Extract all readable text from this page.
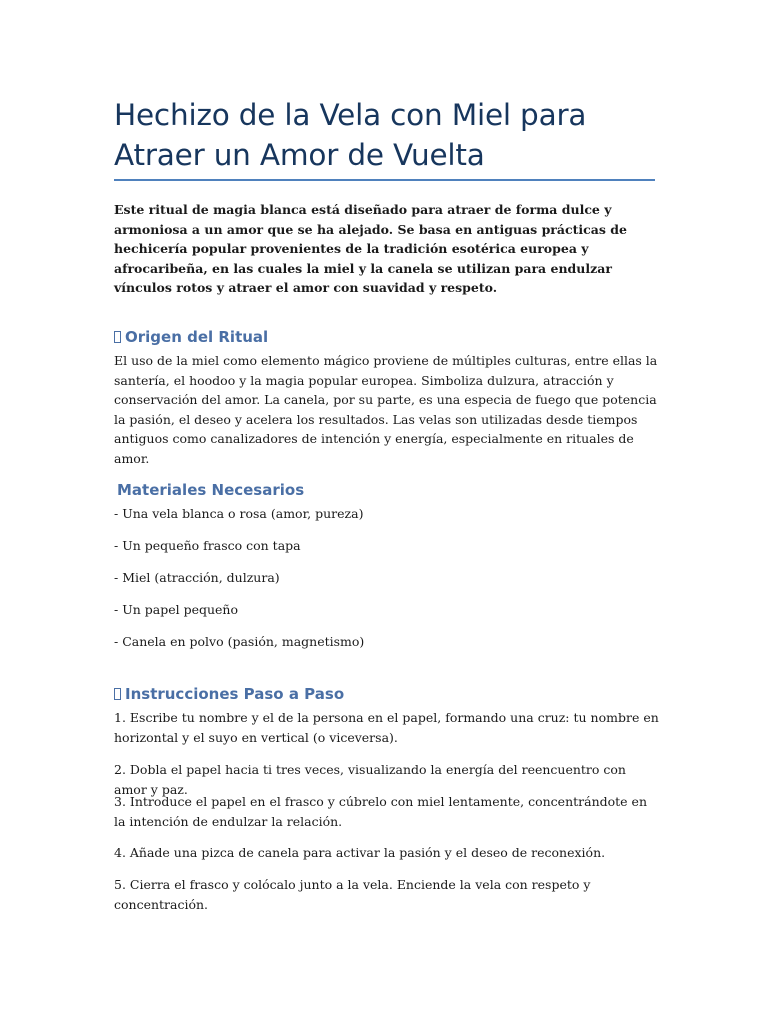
Hechizo de la Vela con Miel para Atraer un Amor de Vuelta

Este ritual de magia blanca está diseñado para atraer de forma dulce y armoniosa a un amor que se ha alejado. Se basa en antiguas prácticas de hechicería popular provenientes de la tradición esotérica europea y afrocaribeña, en las cuales la miel y la canela se utilizan para endulzar vínculos rotos y atraer el amor con suavidad y respeto.

Origen del Ritual

El uso de la miel como elemento mágico proviene de múltiples culturas, entre ellas la santería, el hoodoo y la magia popular europea. Simboliza dulzura, atracción y conservación del amor. La canela, por su parte, es una especia de fuego que potencia la pasión, el deseo y acelera los resultados. Las velas son utilizadas desde tiempos antiguos como canalizadores de intención y energía, especialmente en rituales de amor.

Materiales Necesarios

- Una vela blanca o rosa (amor, pureza)

- Un pequeño frasco con tapa

- Miel (atracción, dulzura)

- Un papel pequeño

- Canela en polvo (pasión, magnetismo)

Instrucciones Paso a Paso

1. Escribe tu nombre y el de la persona en el papel, formando una cruz: tu nombre en horizontal y el suyo en vertical (o viceversa).

2. Dobla el papel hacia ti tres veces, visualizando la energía del reencuentro con amor y paz.

3. Introduce el papel en el frasco y cúbrelo con miel lentamente, concentrándote en la intención de endulzar la relación.

4. Añade una pizca de canela para activar la pasión y el deseo de reconexión.

5. Cierra el frasco y colócalo junto a la vela. Enciende la vela con respeto y concentración.
